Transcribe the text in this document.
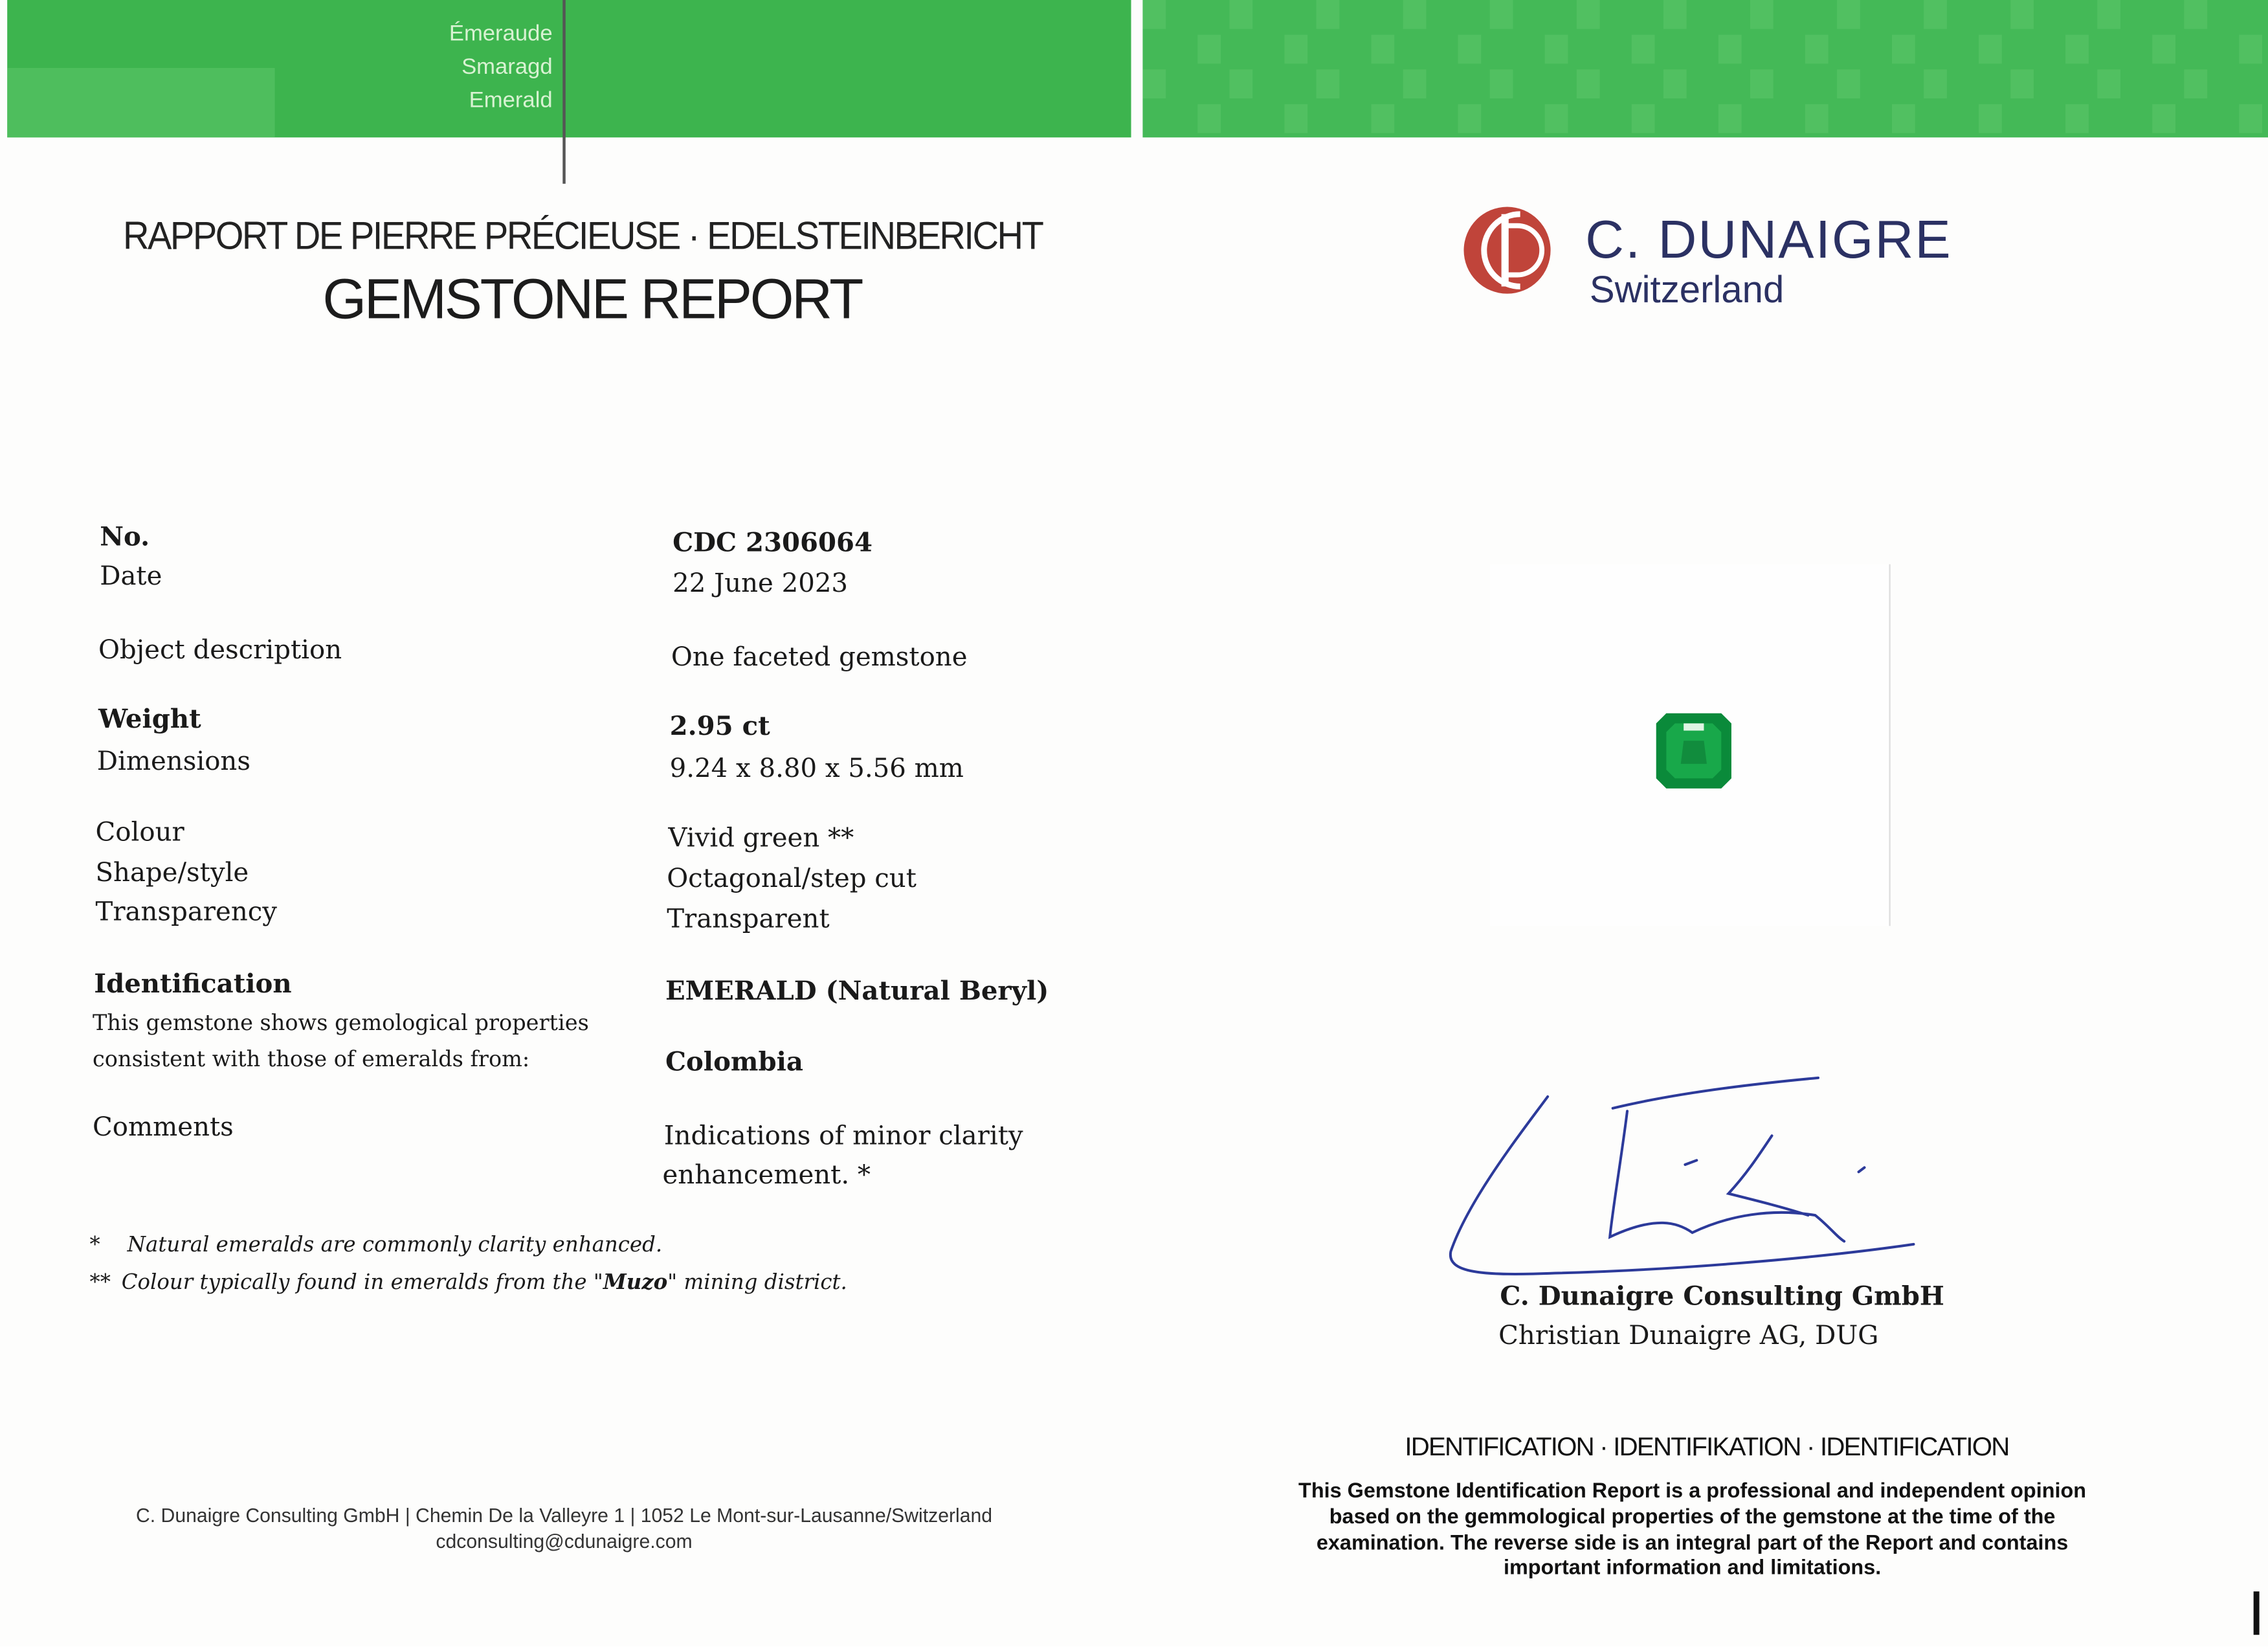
Émeraude
Smaragd
Emerald
RAPPORT DE PIERRE PRÉCIEUSE · EDELSTEINBERICHT
GEMSTONE REPORT
No.
Date
Object description
Weight
Dimensions
Colour
Shape/style
Transparency
Identification
This gemstone shows gemological properties
consistent with those of emeralds from:
Comments
CDC 2306064
22 June 2023
One faceted gemstone
2.95 ct
9.24 x 8.80 x 5.56 mm
Vivid green **
Octagonal/step cut
Transparent
EMERALD (Natural Beryl)
Colombia
Indications of minor clarity
enhancement. *
*	Natural emeralds are commonly clarity enhanced.
** Colour typically found in emeralds from the "Muzo" mining district.
C. Dunaigre Consulting GmbH | Chemin De la Valleyre 1 | 1052 Le Mont-sur-Lausanne/Switzerland
cdconsulting@cdunaigre.com
C. DUNAIGRE
Switzerland
C. Dunaigre Consulting GmbH
Christian Dunaigre AG, DUG
IDENTIFICATION · IDENTIFIKATION · IDENTIFICATION
This Gemstone Identification Report is a professional and independent opinion
based on the gemmological properties of the gemstone at the time of the
examination. The reverse side is an integral part of the Report and contains
important information and limitations.
